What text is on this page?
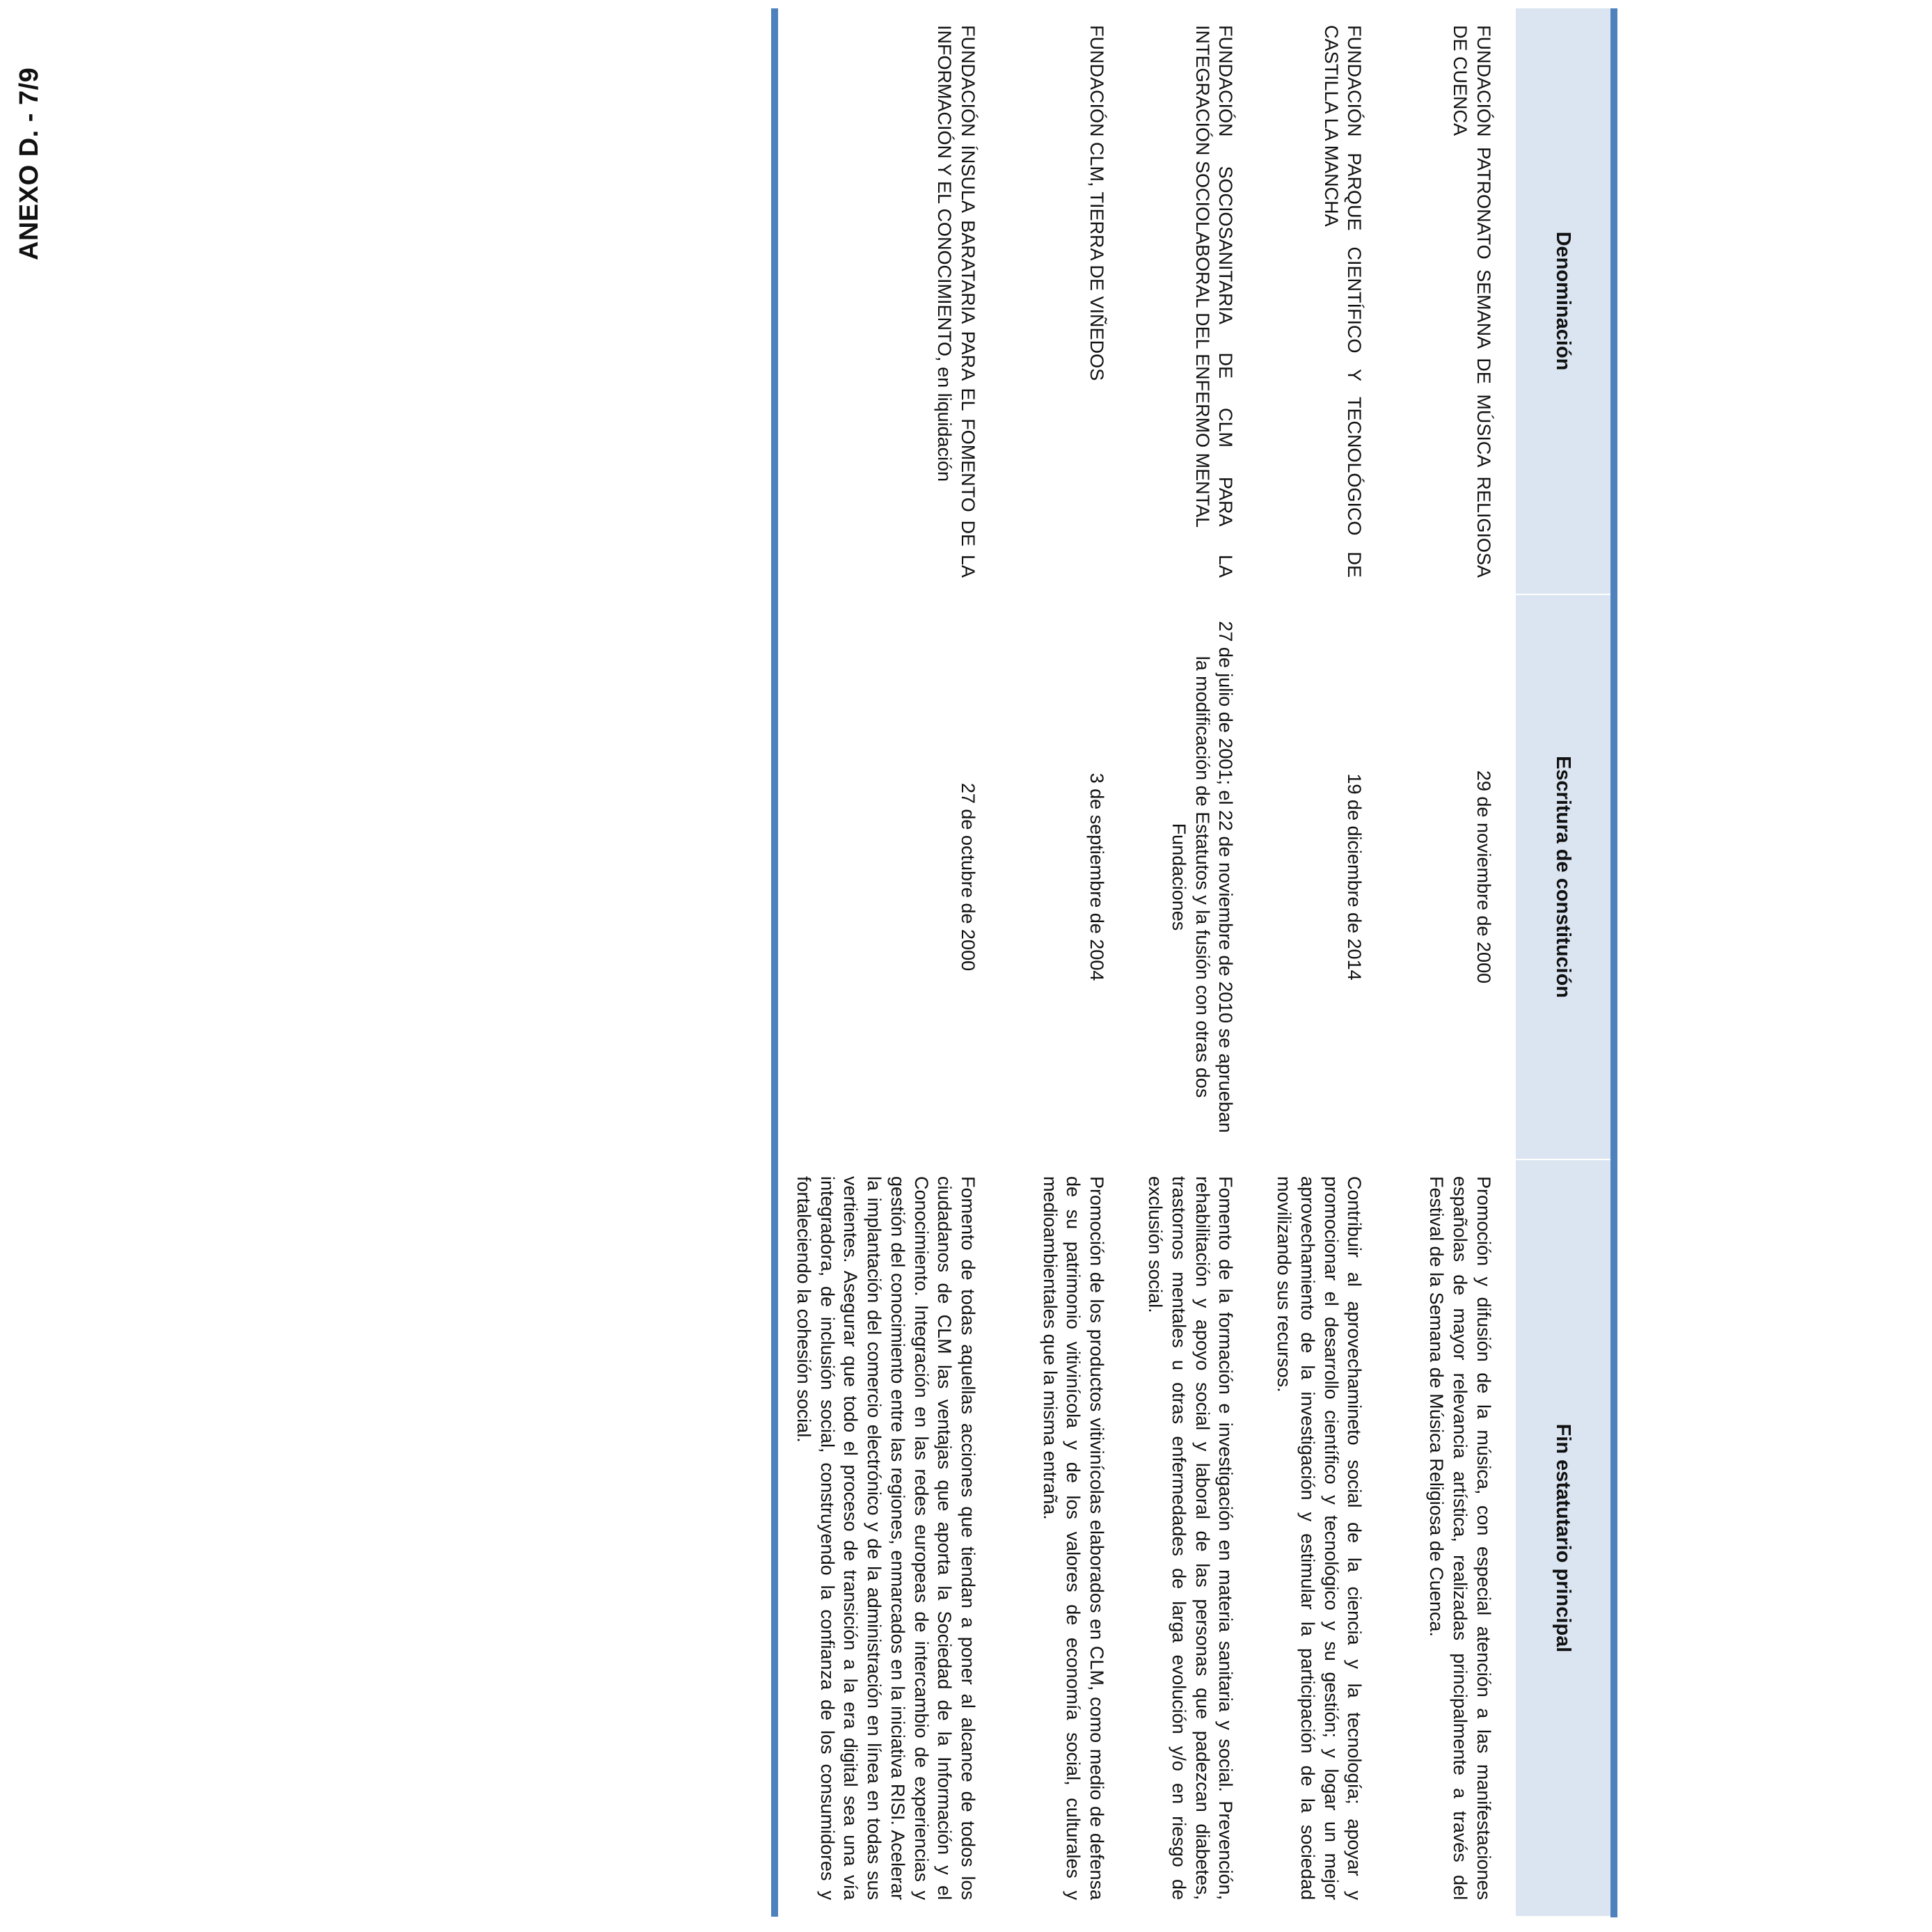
ANEXO D. - 7/9
Denominación	Escritura de constitución	Fin estatutario principal
FUNDACIÓN PATRONATO SEMANA DE MÚSICA RELIGIOSA DE CUENCA	29 de noviembre de 2000	Promoción y difusión de la música, con especial atención a las manifestaciones españolas de mayor relevancia artística, realizadas principalmente a través del Festival de la Semana de Música Religiosa de Cuenca.
FUNDACIÓN PARQUE CIENTÍFICO Y TECNOLÓGICO DE CASTILLA LA MANCHA	19 de diciembre de 2014	Contribuir al aprovechamineto social de la ciencia y la tecnología; apoyar y promocionar el desarrollo científico y tecnológico y su gestión; y logar un mejor aprovechamiento de la investigación y estimular la participación de la sociedad movilizando sus recursos.
FUNDACIÓN SOCIOSANITARIA DE CLM PARA LA INTEGRACIÓN SOCIOLABORAL DEL ENFERMO MENTAL	27 de julio de 2001; el 22 de noviembre de 2010 se aprueban la modificación de Estatutos y la fusión con otras dos Fundaciones	Fomento de la formación e investigación en materia sanitaria y social. Prevención, rehabilitación y apoyo social y laboral de las personas que padezcan diabetes, trastornos mentales u otras enfermedades de larga evolución y/o en riesgo de exclusión social.
FUNDACIÓN CLM, TIERRA DE VIÑEDOS	3 de septiembre de 2004	Promoción de los productos vitivinícolas elaborados en CLM, como medio de defensa de su patrimonio vitivinícola y de los valores de economía social, culturales y medioambientales que la misma entraña.
FUNDACIÓN ÍNSULA BARATARIA PARA EL FOMENTO DE LA INFORMACIÓN Y EL CONOCIMIENTO, en liquidación	27 de octubre de 2000	Fomento de todas aquellas acciones que tiendan a poner al alcance de todos los ciudadanos de CLM las ventajas que aporta la Sociedad de la Información y el Conocimiento. Integración en las redes europeas de intercambio de experiencias y gestión del conocimiento entre las regiones, enmarcados en la iniciativa RISI. Acelerar la implantación del comercio electrónico y de la administración en línea en todas sus vertientes. Asegurar que todo el proceso de transición a la era digital sea una vía integradora, de inclusión social, construyendo la confianza de los consumidores y fortaleciendo la cohesión social.
